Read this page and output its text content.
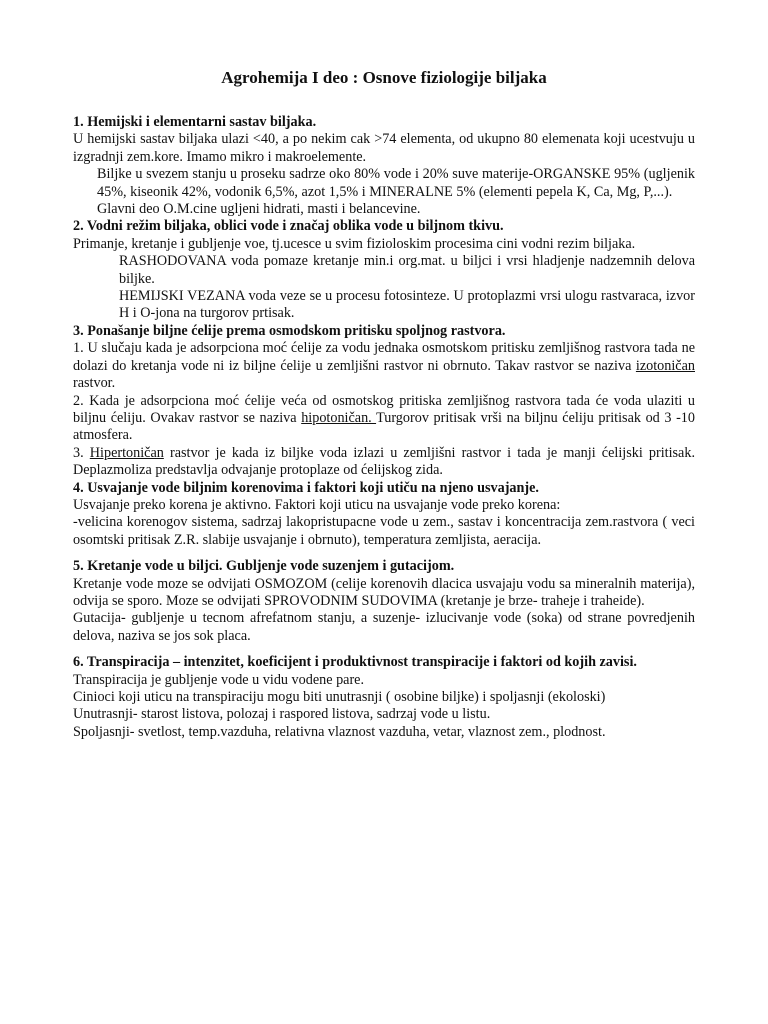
Agrohemija I deo : Osnove fiziologije biljaka

1. Hemijski i elementarni sastav biljaka.

U hemijski sastav biljaka ulazi <40, a po nekim cak >74 elementa, od ukupno 80 elemenata koji ucestvuju u izgradnji zem.kore. Imamo mikro i makroelemente.

Biljke u svezem stanju u proseku sadrze oko 80% vode i 20% suve materije-ORGANSKE 95% (ugljenik 45%, kiseonik 42%, vodonik 6,5%, azot 1,5% i MINERALNE 5% (elementi pepela K, Ca, Mg, P,...).

Glavni deo O.M.cine ugljeni hidrati, masti i belancevine.

2. Vodni režim biljaka, oblici vode i značaj oblika vode u biljnom tkivu.

Primanje, kretanje i gubljenje voe, tj.ucesce u svim fizioloskim procesima cini vodni rezim biljaka.

RASHODOVANA voda pomaze kretanje min.i org.mat. u biljci i vrsi hladjenje nadzemnih delova biljke.

HEMIJSKI VEZANA voda veze se u procesu fotosinteze. U protoplazmi vrsi ulogu rastvaraca, izvor H i O-jona na turgorov prtisak.

3. Ponašanje biljne ćelije prema osmodskom pritisku spoljnog rastvora.

1. U slučaju kada je adsorpciona moć ćelije za vodu jednaka osmotskom pritisku zemljišnog rastvora tada ne dolazi do kretanja vode ni iz biljne ćelije u zemljišni rastvor ni obrnuto. Takav rastvor se naziva izotoničan rastvor.

2. Kada je adsorpciona moć ćelije veća od osmotskog pritiska zemljišnog rastvora tada će voda ulaziti u biljnu ćeliju. Ovakav rastvor se naziva hipotoničan. Turgorov pritisak vrši na biljnu ćeliju pritisak od 3 -10 atmosfera.

3. Hipertoničan rastvor je kada iz biljke voda izlazi u zemljišni rastvor i tada je manji ćelijski pritisak. Deplazmoliza predstavlja odvajanje protoplaze od ćelijskog zida.

4. Usvajanje vode biljnim korenovima i faktori koji utiču na njeno usvajanje.

Usvajanje preko korena je aktivno. Faktori koji uticu na usvajanje vode preko korena:

-velicina korenogov sistema, sadrzaj lakopristupacne vode u zem., sastav i koncentracija zem.rastvora ( veci osomtski pritisak Z.R. slabije usvajanje i obrnuto), temperatura zemljista, aeracija.

5. Kretanje vode u biljci. Gubljenje vode suzenjem i gutacijom.

Kretanje vode moze se odvijati OSMOZOM (celije korenovih dlacica usvajaju vodu sa mineralnih materija), odvija se sporo. Moze se odvijati SPROVODNIM SUDOVIMA (kretanje je brze- traheje i traheide).

Gutacija- gubljenje u tecnom afrefatnom stanju, a suzenje- izlucivanje vode (soka) od strane povredjenih delova, naziva se jos sok placa.

6. Transpiracija – intenzitet, koeficijent i produktivnost transpiracije i faktori od kojih zavisi.

Transpiracija je gubljenje vode u vidu vodene pare.

Cinioci koji uticu na transpiraciju mogu biti unutrasnji ( osobine biljke) i spoljasnji (ekoloski)

Unutrasnji- starost listova, polozaj i raspored listova, sadrzaj vode u listu.

Spoljasnji- svetlost, temp.vazduha, relativna vlaznost vazduha, vetar, vlaznost zem., plodnost.
